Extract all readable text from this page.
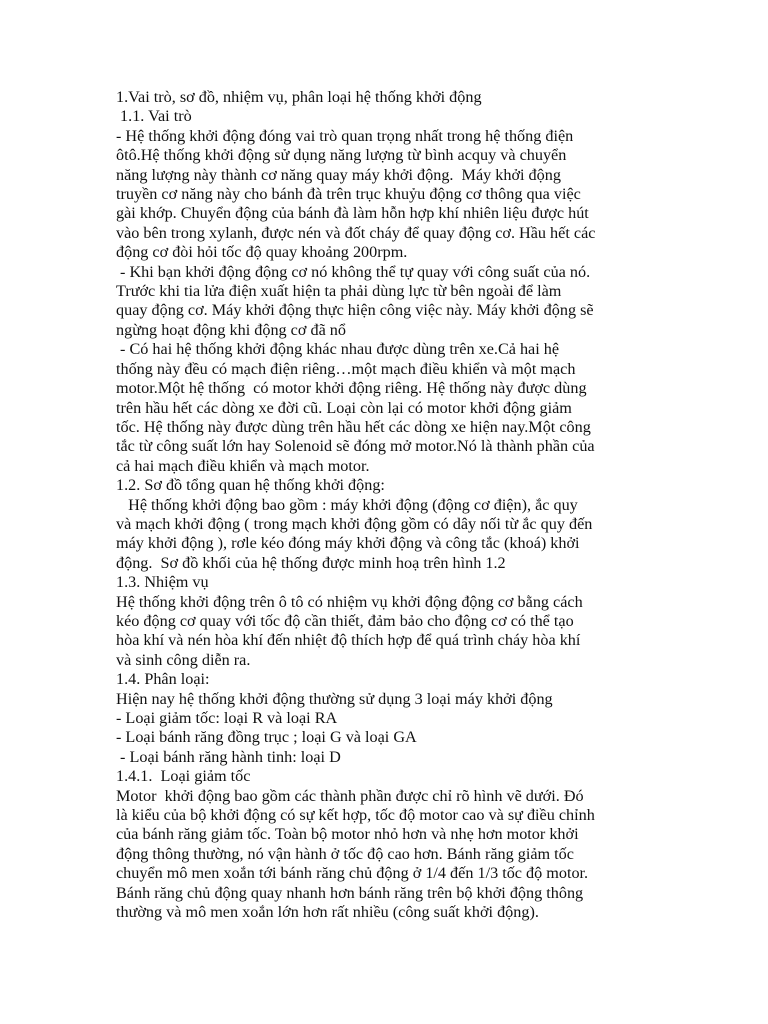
1.Vai trò, sơ đồ, nhiệm vụ, phân loại hệ thống khởi động
1.1. Vai trò
- Hệ thống khởi động đóng vai trò quan trọng nhất trong hệ thống điện
ôtô.Hệ thống khởi động sử dụng năng lượng từ bình acquy và chuyển
năng lượng này thành cơ năng quay máy khởi động.  Máy khởi động
truyền cơ năng này cho bánh đà trên trục khuỷu động cơ thông qua việc
gài khớp. Chuyển động của bánh đà làm hỗn hợp khí nhiên liệu được hút
vào bên trong xylanh, được nén và đốt cháy để quay động cơ. Hầu hết các
động cơ đòi hỏi tốc độ quay khoảng 200rpm.
- Khi bạn khởi động động cơ nó không thể tự quay với công suất của nó.
Trước khi tia lửa điện xuất hiện ta phải dùng lực từ bên ngoài để làm
quay động cơ. Máy khởi động thực hiện công việc này. Máy khởi động sẽ
ngừng hoạt động khi động cơ đã nổ
- Có hai hệ thống khởi động khác nhau được dùng trên xe.Cả hai hệ
thống này đều có mạch điện riêng…một mạch điều khiển và một mạch
motor.Một hệ thống  có motor khởi động riêng. Hệ thống này được dùng
trên hầu hết các dòng xe đời cũ. Loại còn lại có motor khởi động giảm
tốc. Hệ thống này được dùng trên hầu hết các dòng xe hiện nay.Một công
tắc từ công suất lớn hay Solenoid sẽ đóng mở motor.Nó là thành phần của
cả hai mạch điều khiển và mạch motor.
1.2. Sơ đồ tổng quan hệ thống khởi động:
Hệ thống khởi động bao gồm : máy khởi động (động cơ điện), ắc quy
và mạch khởi động ( trong mạch khởi động gồm có dây nối từ ắc quy đến
máy khởi động ), rơle kéo đóng máy khởi động và công tắc (khoá) khởi
động.  Sơ đồ khối của hệ thống được minh hoạ trên hình 1.2
1.3. Nhiệm vụ
Hệ thống khởi động trên ô tô có nhiệm vụ khởi động động cơ bằng cách
kéo động cơ quay với tốc độ cần thiết, đảm bảo cho động cơ có thể tạo
hòa khí và nén hòa khí đến nhiệt độ thích hợp để quá trình cháy hòa khí
và sinh công diễn ra.
1.4. Phân loại:
Hiện nay hệ thống khởi động thường sử dụng 3 loại máy khởi động
- Loại giảm tốc: loại R và loại RA
- Loại bánh răng đồng trục ; loại G và loại GA
- Loại bánh răng hành tinh: loại D
1.4.1.  Loại giảm tốc
Motor  khởi động bao gồm các thành phần được chỉ rõ hình vẽ dưới. Đó
là kiểu của bộ khởi động có sự kết hợp, tốc độ motor cao và sự điều chỉnh
của bánh răng giảm tốc. Toàn bộ motor nhỏ hơn và nhẹ hơn motor khởi
động thông thường, nó vận hành ở tốc độ cao hơn. Bánh răng giảm tốc
chuyển mô men xoắn tới bánh răng chủ động ở 1/4 đến 1/3 tốc độ motor.
Bánh răng chủ động quay nhanh hơn bánh răng trên bộ khởi động thông
thường và mô men xoắn lớn hơn rất nhiều (công suất khởi động).
